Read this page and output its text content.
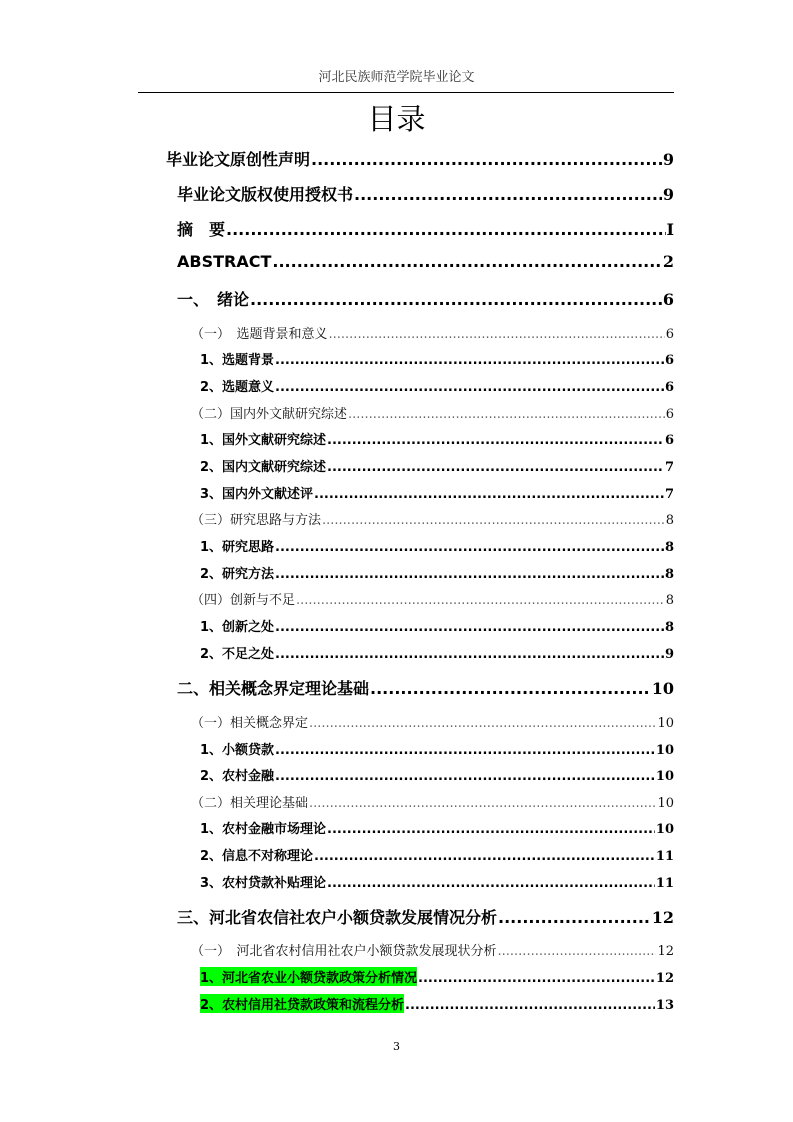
河北民族师范学院毕业论文
目录
毕业论文原创性声明 .....	9
毕业论文版权使用授权书 .....	9
摘　要 .....	I
ABSTRACT .....	2
一、　绪论 .....	6
（一）　选题背景和意义 .....	6
1、选题背景 .....	6
2、选题意义 .....	6
（二）国内外文献研究综述 .....	6
1、国外文献研究综述 .....	6
2、国内文献研究综述 .....	7
3、国内外文献述评 .....	7
（三）研究思路与方法 .....	8
1、研究思路 .....	8
2、研究方法 .....	8
（四）创新与不足 .....	8
1、创新之处 .....	8
2、不足之处 .....	9
二、相关概念界定理论基础 .....	10
（一）相关概念界定 .....	10
1、小额贷款 .....	10
2、农村金融 .....	10
（二）相关理论基础 .....	10
1、农村金融市场理论 .....	10
2、信息不对称理论 .....	11
3、农村贷款补贴理论 .....	11
三、河北省农信社农户小额贷款发展情况分析 .....	12
（一）　河北省农村信用社农户小额贷款发展现状分析 .....	12
1、河北省农业小额贷款政策分析情况 .....	12
2、农村信用社贷款政策和流程分析 .....	13
3
